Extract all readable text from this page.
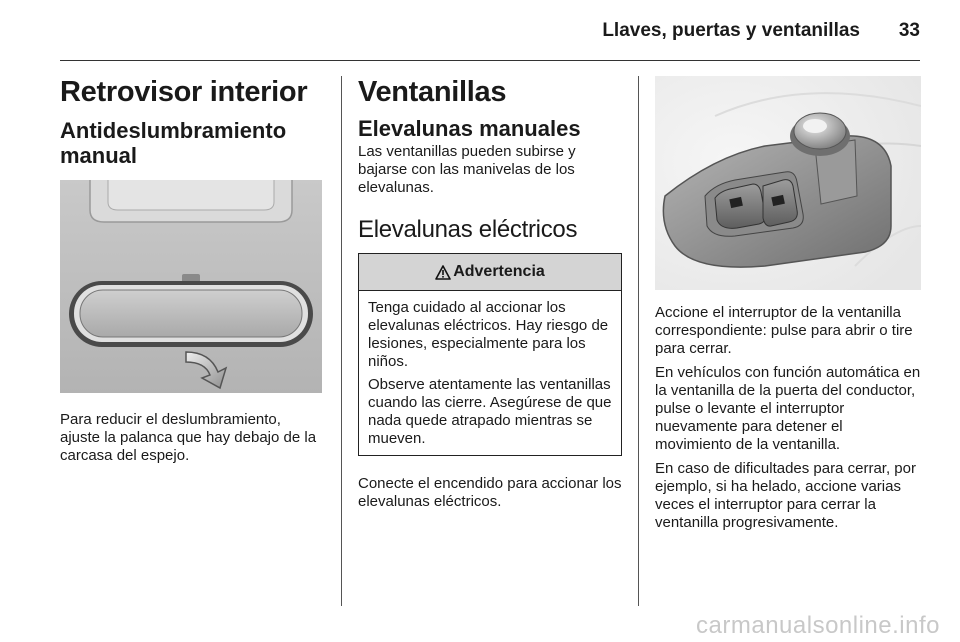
Llaves, puertas y ventanillas 33
Retrovisor interior
Antideslumbramiento manual

Para reducir el deslumbramiento, ajuste la palanca que hay debajo de la carcasa del espejo.

Ventanillas
Elevalunas manuales

Las ventanillas pueden subirse y bajarse con las manivelas de los elevalunas.

Elevalunas eléctricos
Advertencia

Tenga cuidado al accionar los elevalunas eléctricos. Hay riesgo de lesiones, especialmente para los niños.

Observe atentamente las ventanillas cuando las cierre. Asegúrese de que nada quede atrapado mientras se mueven.

Conecte el encendido para accionar los elevalunas eléctricos.

Accione el interruptor de la ventanilla correspondiente: pulse para abrir o tire para cerrar.

En vehículos con función automática en la ventanilla de la puerta del conductor, pulse o levante el interruptor nuevamente para detener el movimiento de la ventanilla.

En caso de dificultades para cerrar, por ejemplo, si ha helado, accione varias veces el interruptor para cerrar la ventanilla progresivamente.

carmanualsonline.info
